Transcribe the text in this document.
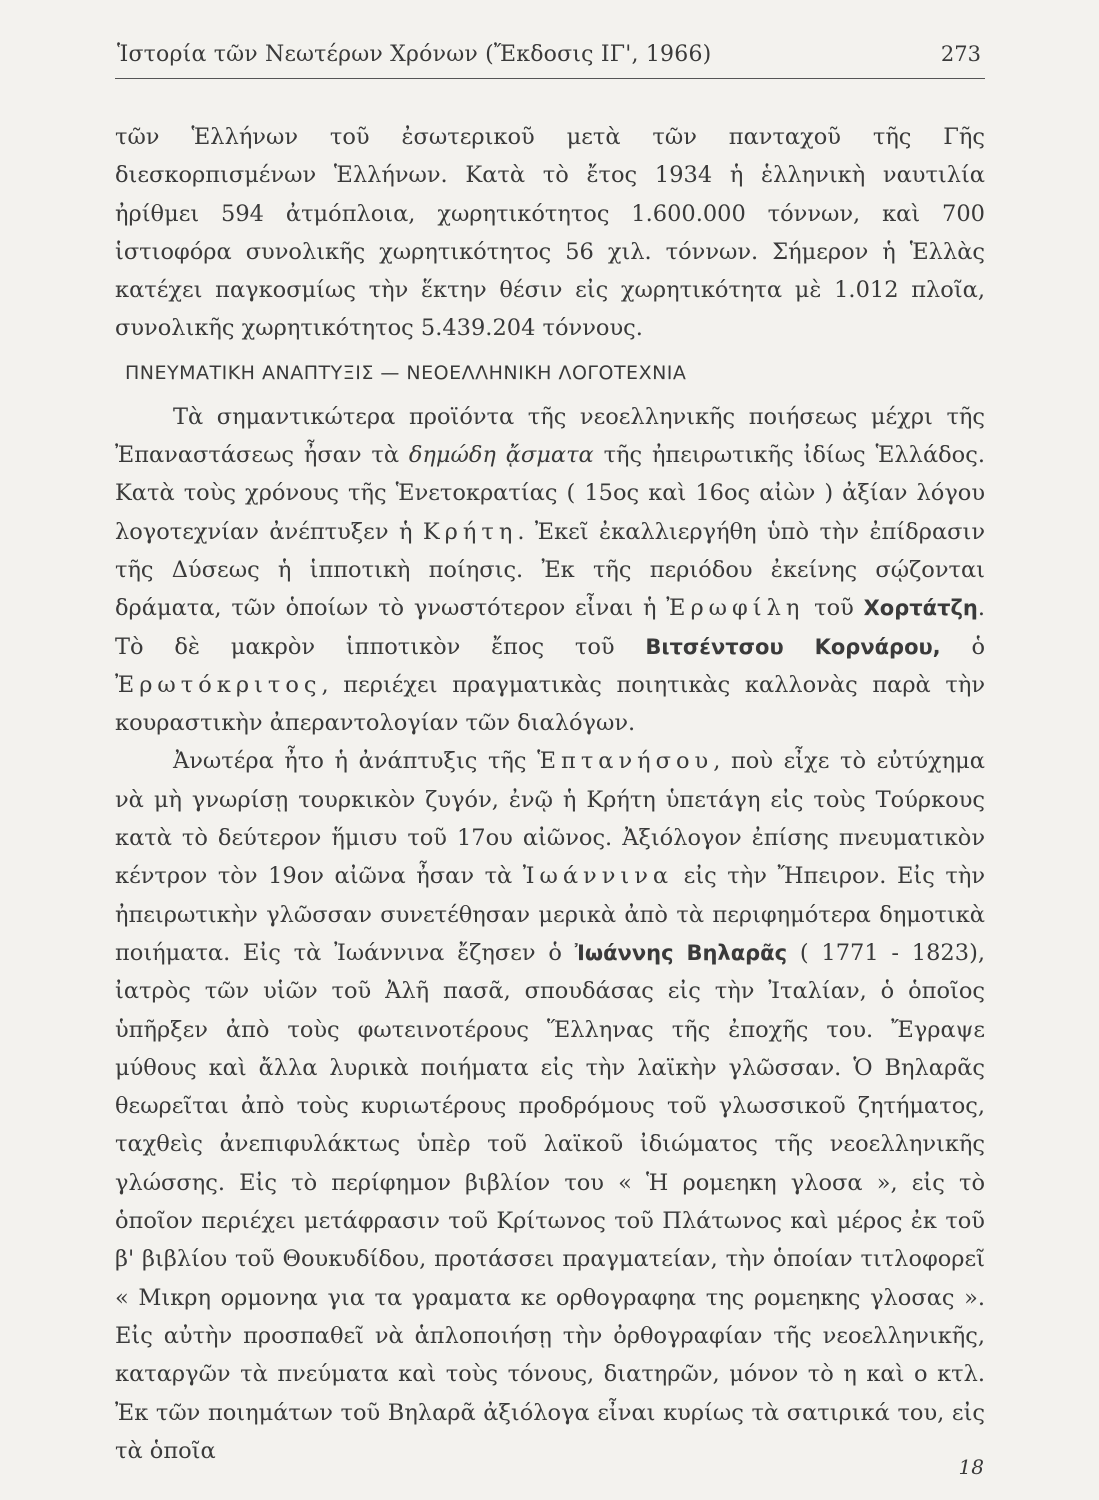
Ἱστορία τῶν Νεωτέρων Χρόνων (Ἔκδοσις ΙΓ', 1966)	273

τῶν Ἑλλήνων τοῦ ἐσωτερικοῦ μετὰ τῶν πανταχοῦ τῆς Γῆς διεσκορπισμένων Ἑλλήνων. Κατὰ τὸ ἔτος 1934 ἡ ἑλληνικὴ ναυτιλία ἠρίθμει 594 ἀτμόπλοια, χωρητικότητος 1.600.000 τόννων, καὶ 700 ἱστιοφόρα συνολικῆς χωρητικότητος 56 χιλ. τόννων. Σήμερον ἡ Ἑλλὰς κατέχει παγκοσμίως τὴν ἕκτην θέσιν εἰς χωρητικότητα μὲ 1.012 πλοῖα, συνολικῆς χωρητικότητος 5.439.204 τόννους.

ΠΝΕΥΜΑΤΙΚΗ ΑΝΑΠΤΥΞΙΣ — ΝΕΟΕΛΛΗΝΙΚΗ ΛΟΓΟΤΕΧΝΙΑ

Τὰ σημαντικώτερα προϊόντα τῆς νεοελληνικῆς ποιήσεως μέχρι τῆς Ἐπαναστάσεως ἦσαν τὰ δημώδη ᾄσματα τῆς ἠπειρωτικῆς ἰδίως Ἑλλάδος. Κατὰ τοὺς χρόνους τῆς Ἑνετοκρατίας ( 15ος καὶ 16ος αἰὼν ) ἀξίαν λόγου λογοτεχνίαν ἀνέπτυξεν ἡ Κρήτη. Ἐκεῖ ἐκαλλιεργήθη ὑπὸ τὴν ἐπίδρασιν τῆς Δύσεως ἡ ἱπποτικὴ ποίησις. Ἐκ τῆς περιόδου ἐκείνης σῴζονται δράματα, τῶν ὁποίων τὸ γνωστότερον εἶναι ἡ Ἐρωφίλη τοῦ Χορτάτζη. Τὸ δὲ μακρὸν ἱπποτικὸν ἔπος τοῦ Βιτσέντσου Κορνάρου, ὁ Ἐρωτόκριτος, περιέχει πραγματικὰς ποιητικὰς καλλονὰς παρὰ τὴν κουραστικὴν ἀπεραντολογίαν τῶν διαλόγων.

Ἀνωτέρα ἦτο ἡ ἀνάπτυξις τῆς Ἑπτανήσου, ποὺ εἶχε τὸ εὐτύχημα νὰ μὴ γνωρίσῃ τουρκικὸν ζυγόν, ἐνῷ ἡ Κρήτη ὑπετάγη εἰς τοὺς Τούρκους κατὰ τὸ δεύτερον ἥμισυ τοῦ 17ου αἰῶνος. Ἀξιόλογον ἐπίσης πνευματικὸν κέντρον τὸν 19ον αἰῶνα ἦσαν τὰ Ἰωάννινα εἰς τὴν Ἤπειρον. Εἰς τὴν ἠπειρωτικὴν γλῶσσαν συνετέθησαν μερικὰ ἀπὸ τὰ περιφημότερα δημοτικὰ ποιήματα. Εἰς τὰ Ἰωάννινα ἔζησεν ὁ Ἰωάννης Βηλαρᾶς ( 1771 - 1823), ἰατρὸς τῶν υἱῶν τοῦ Ἀλῆ πασᾶ, σπουδάσας εἰς τὴν Ἰταλίαν, ὁ ὁποῖος ὑπῆρξεν ἀπὸ τοὺς φωτεινοτέρους Ἕλληνας τῆς ἐποχῆς του. Ἔγραψε μύθους καὶ ἄλλα λυρικὰ ποιήματα εἰς τὴν λαϊκὴν γλῶσσαν. Ὁ Βηλαρᾶς θεωρεῖται ἀπὸ τοὺς κυριωτέρους προδρόμους τοῦ γλωσσικοῦ ζητήματος, ταχθεὶς ἀνεπιφυλάκτως ὑπὲρ τοῦ λαϊκοῦ ἰδιώματος τῆς νεοελληνικῆς γλώσσης. Εἰς τὸ περίφημον βιβλίον του « Ἡ ρομεηκη γλοσα », εἰς τὸ ὁποῖον περιέχει μετάφρασιν τοῦ Κρίτωνος τοῦ Πλάτωνος καὶ μέρος ἐκ τοῦ β' βιβλίου τοῦ Θουκυδίδου, προτάσσει πραγματείαν, τὴν ὁποίαν τιτλοφορεῖ « Μικρη ορμονηα για τα γραματα κε ορθογραφηα της ρομεηκης γλοσας ». Εἰς αὐτὴν προσπαθεῖ νὰ ἁπλοποιήσῃ τὴν ὀρθογραφίαν τῆς νεοελληνικῆς, καταργῶν τὰ πνεύματα καὶ τοὺς τόνους, διατηρῶν, μόνον τὸ η καὶ ο κτλ. Ἐκ τῶν ποιημάτων τοῦ Βηλαρᾶ ἀξιόλογα εἶναι κυρίως τὰ σατιρικά του, εἰς τὰ ὁποῖα

18
